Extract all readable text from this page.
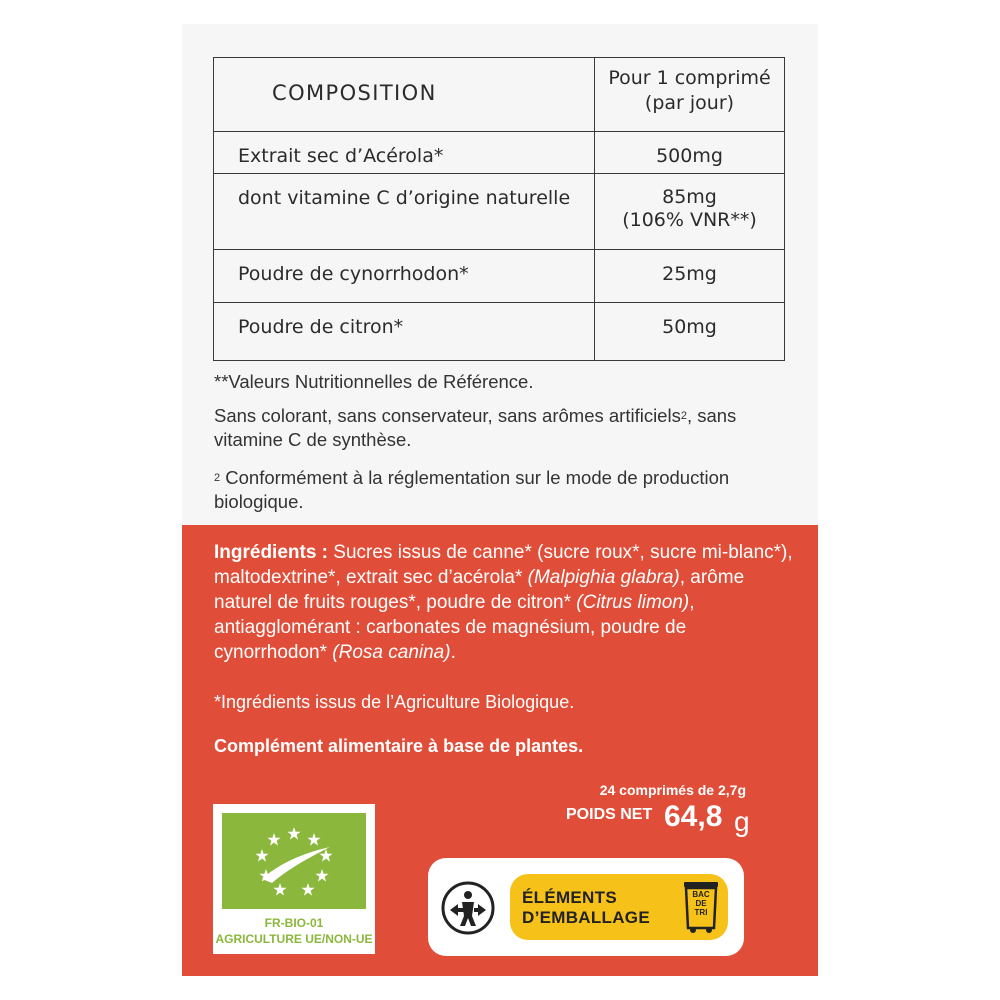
COMPOSITION	Pour 1 comprimé
(par jour)

Extrait sec d’Acérola*	500mg

dont vitamine C d’origine naturelle	85mg
(106% VNR**)

Poudre de cynorrhodon*	25mg

Poudre de citron*	50mg
**Valeurs Nutritionnelles de Référence.
Sans colorant, sans conservateur, sans arômes artificiels$^2$, sans vitamine C de synthèse.
$^2$ Conformément à la réglementation sur le mode de production biologique.
Ingrédients : Sucres issus de canne* (sucre roux*, sucre mi-blanc*), maltodextrine*, extrait sec d’acérola* (Malpighia glabra), arôme naturel de fruits rouges*, poudre de citron* (Citrus limon), antiagglomérant : carbonates de magnésium, poudre de cynorrhodon* (Rosa canina).
*Ingrédients issus de l’Agriculture Biologique.
Complément alimentaire à base de plantes.
24 comprimés de 2,7g
POIDS NET 64,8 g
FR-BIO-01
AGRICULTURE UE/NON-UE
ÉLÉMENTS
D’EMBALLAGE
BAC
DE
TRI
